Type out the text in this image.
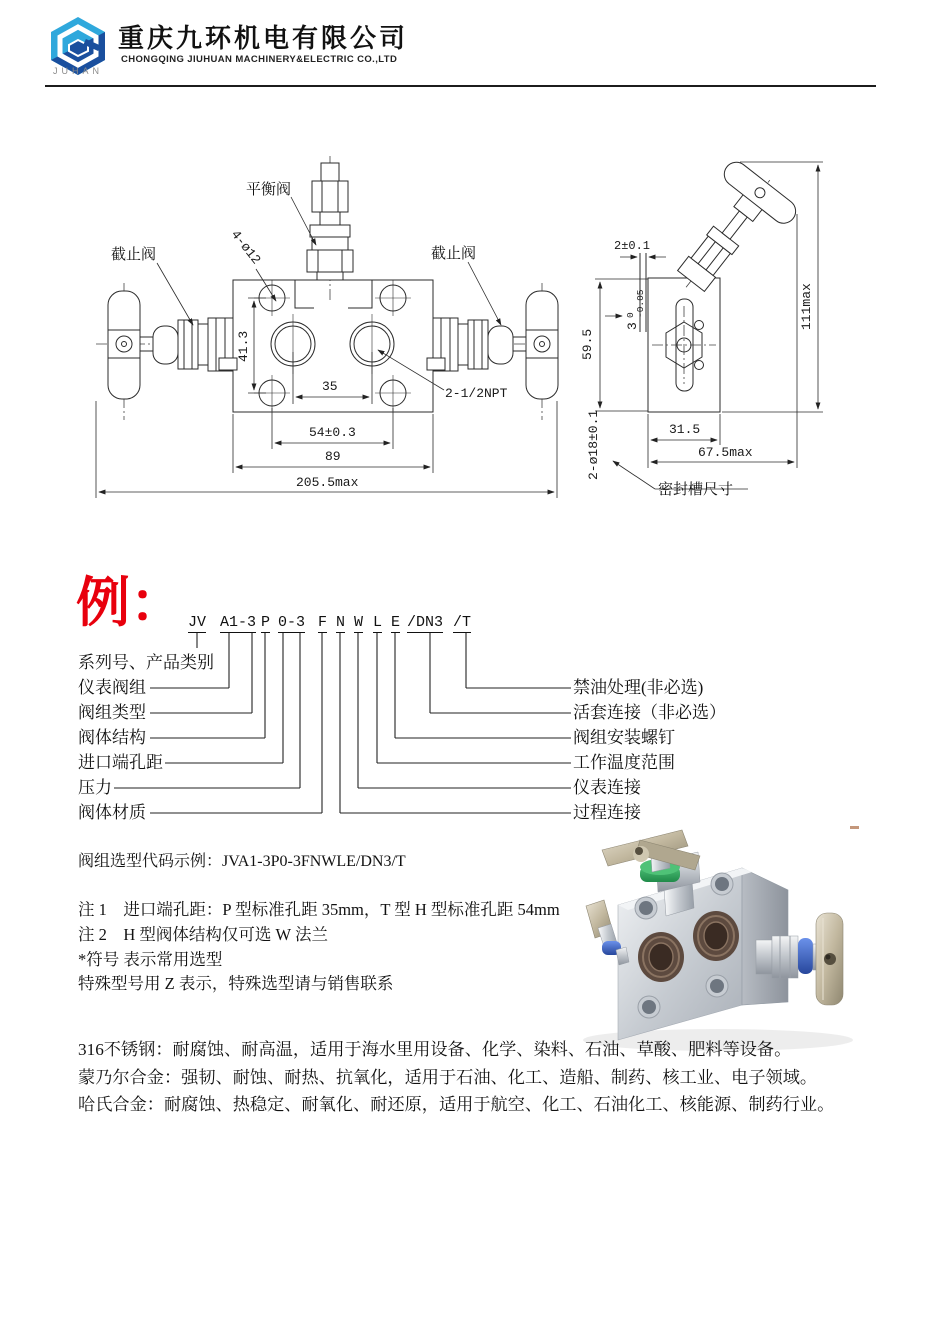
平衡阀
截止阀	截止阀
4-ø12
2-1/2NPT
41.3
35
54±0.3
89
205.5max
2±0.1
3
0 -0.05
59.5
111max
31.5
67.5max
2-ø18±0.1
密封槽尺寸
重庆九环机电有限公司
CHONGQING JIUHUAN MACHINERY&ELECTRIC CO.,LTD
JUHAN
例： JV A1-3 P 0-3 F N W L E /DN3 /T
系列号、产品类别
仪表阀组
阀组类型
阀体结构
进口端孔距
压力
阀体材质
禁油处理(非必选)
活套连接（非必选）
阀组安装螺钉
工作温度范围
仪表连接
过程连接
阀组选型代码示例：JVA1-3P0-3FNWLE/DN3/T
注 1　进口端孔距：P 型标准孔距 35mm，T 型 H 型标准孔距 54mm
注 2　H 型阀体结构仅可选 W 法兰
*符号 表示常用选型
特殊型号用 Z 表示，特殊选型请与销售联系

316不锈钢：耐腐蚀、耐高温，适用于海水里用设备、化学、染料、石油、草酸、肥料等设备。

蒙乃尔合金：强韧、耐蚀、耐热、抗氧化，适用于石油、化工、造船、制药、核工业、电子领域。

哈氏合金：耐腐蚀、热稳定、耐氧化、耐还原，适用于航空、化工、石油化工、核能源、制药行业。
